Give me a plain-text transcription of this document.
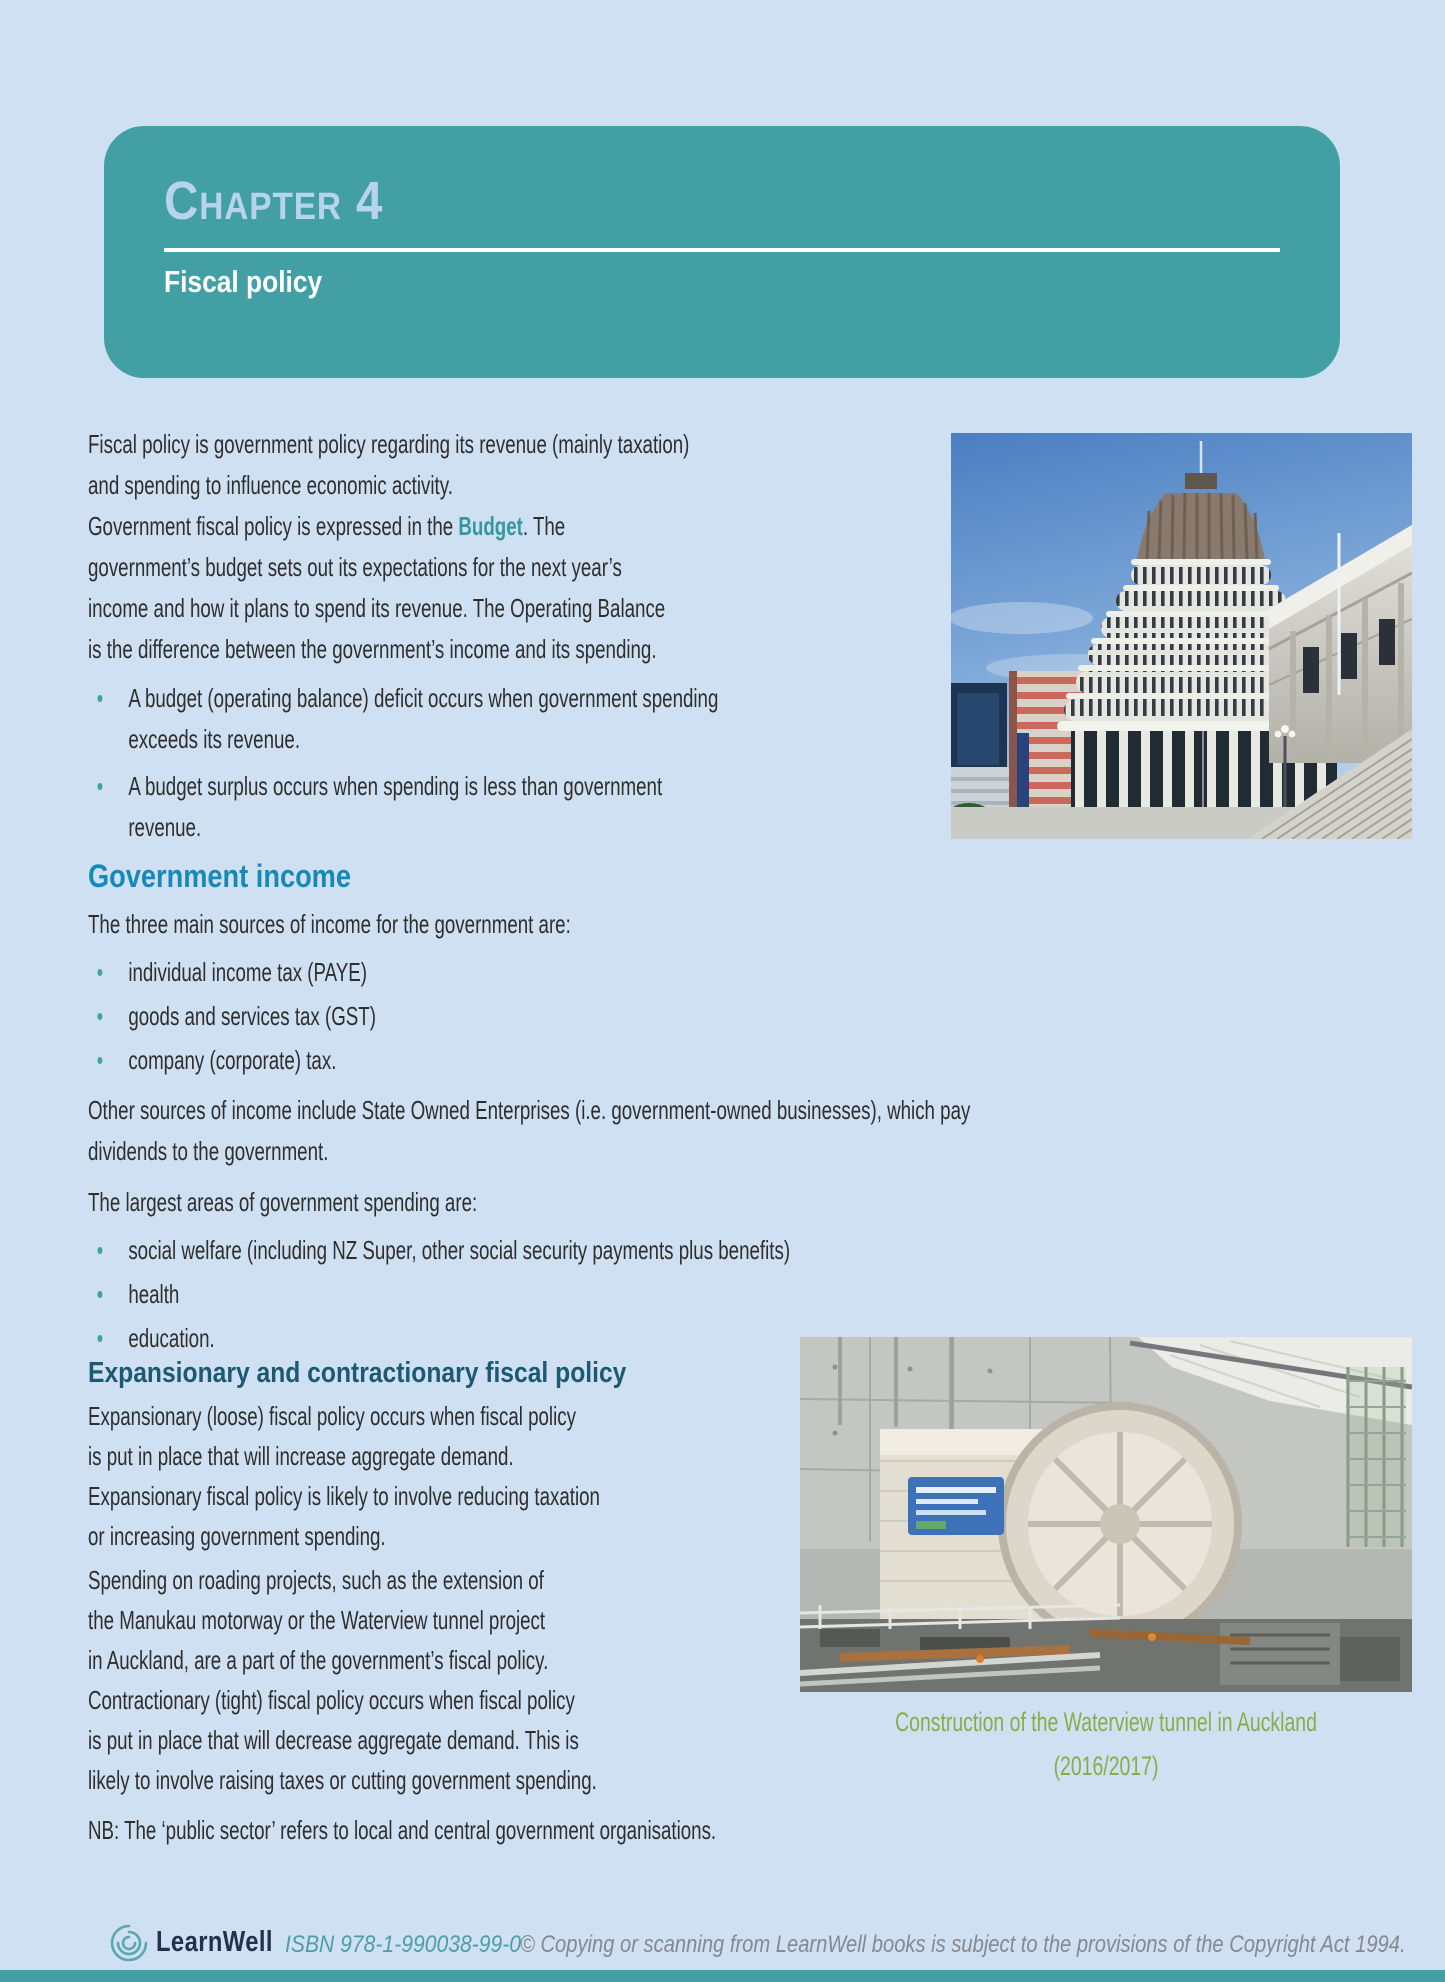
Chapter 4
Fiscal policy
Fiscal policy is government policy regarding its revenue (mainly taxation)
and spending to influence economic activity.
Government fiscal policy is expressed in the Budget. The
government’s budget sets out its expectations for the next year’s
income and how it plans to spend its revenue. The Operating Balance
is the difference between the government’s income and its spending.
• A budget (operating balance) deficit occurs when government spending
exceeds its revenue.
• A budget surplus occurs when spending is less than government
revenue.
Government income
The three main sources of income for the government are:
• individual income tax (PAYE)
• goods and services tax (GST)
• company (corporate) tax.
Other sources of income include State Owned Enterprises (i.e. government-owned businesses), which pay
dividends to the government.
The largest areas of government spending are:
• social welfare (including NZ Super, other social security payments plus benefits)
• health
• education.
Expansionary and contractionary fiscal policy
Expansionary (loose) fiscal policy occurs when fiscal policy
is put in place that will increase aggregate demand.
Expansionary fiscal policy is likely to involve reducing taxation
or increasing government spending.
Spending on roading projects, such as the extension of
the Manukau motorway or the Waterview tunnel project
in Auckland, are a part of the government’s fiscal policy.
Contractionary (tight) fiscal policy occurs when fiscal policy
is put in place that will decrease aggregate demand. This is
likely to involve raising taxes or cutting government spending.
NB: The ‘public sector’ refers to local and central government organisations.
Construction of the Waterview tunnel in Auckland
(2016/2017)
LearnWell ISBN 978-1-990038-99-0 © Copying or scanning from LearnWell books is subject to the provisions of the Copyright Act 1994.
